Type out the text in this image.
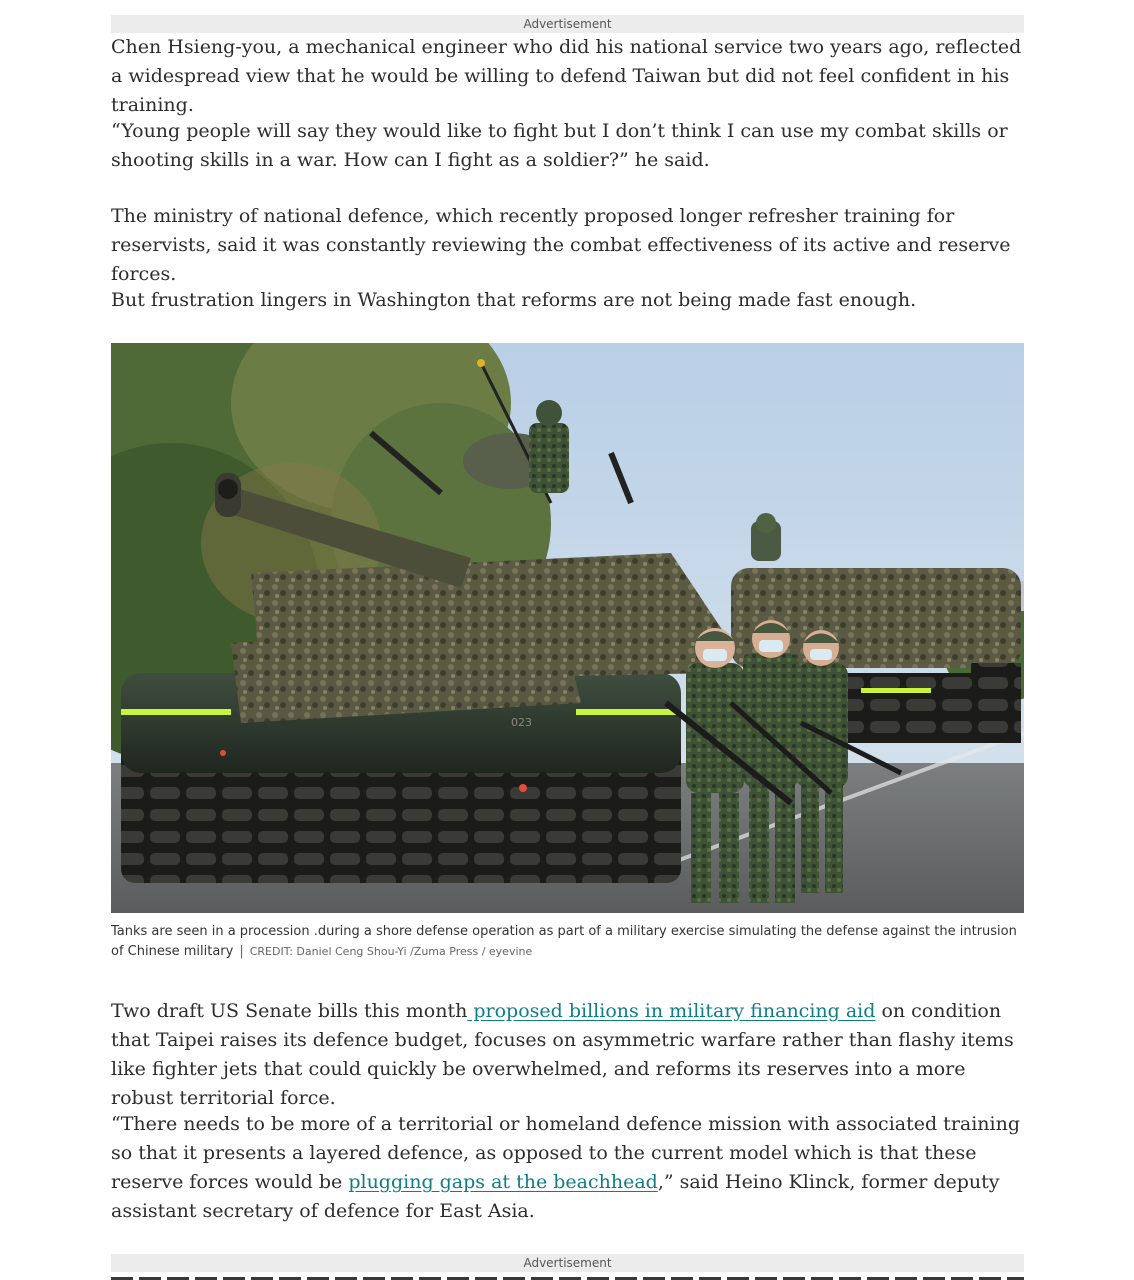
Advertisement

Chen Hsieng-you, a mechanical engineer who did his national service two years ago, reflected a widespread view that he would be willing to defend Taiwan but did not feel confident in his training.

“Young people will say they would like to fight but I don’t think I can use my combat skills or shooting skills in a war. How can I fight as a soldier?” he said.

The ministry of national defence, which recently proposed longer refresher training for reservists, said it was constantly reviewing the combat effectiveness of its active and reserve forces.

But frustration lingers in Washington that reforms are not being made fast enough.

023
Tanks are seen in a procession .during a shore defense operation as part of a military exercise simulating the defense against the intrusion of Chinese military | CREDIT: Daniel Ceng Shou-Yi /Zuma Press / eyevine

Two draft US Senate bills this month proposed billions in military financing aid on condition that Taipei raises its defence budget, focuses on asymmetric warfare rather than flashy items like fighter jets that could quickly be overwhelmed, and reforms its reserves into a more robust territorial force.

“There needs to be more of a territorial or homeland defence mission with associated training so that it presents a layered defence, as opposed to the current model which is that these reserve forces would be plugging gaps at the beachhead,” said Heino Klinck, former deputy assistant secretary of defence for East Asia.

Advertisement
